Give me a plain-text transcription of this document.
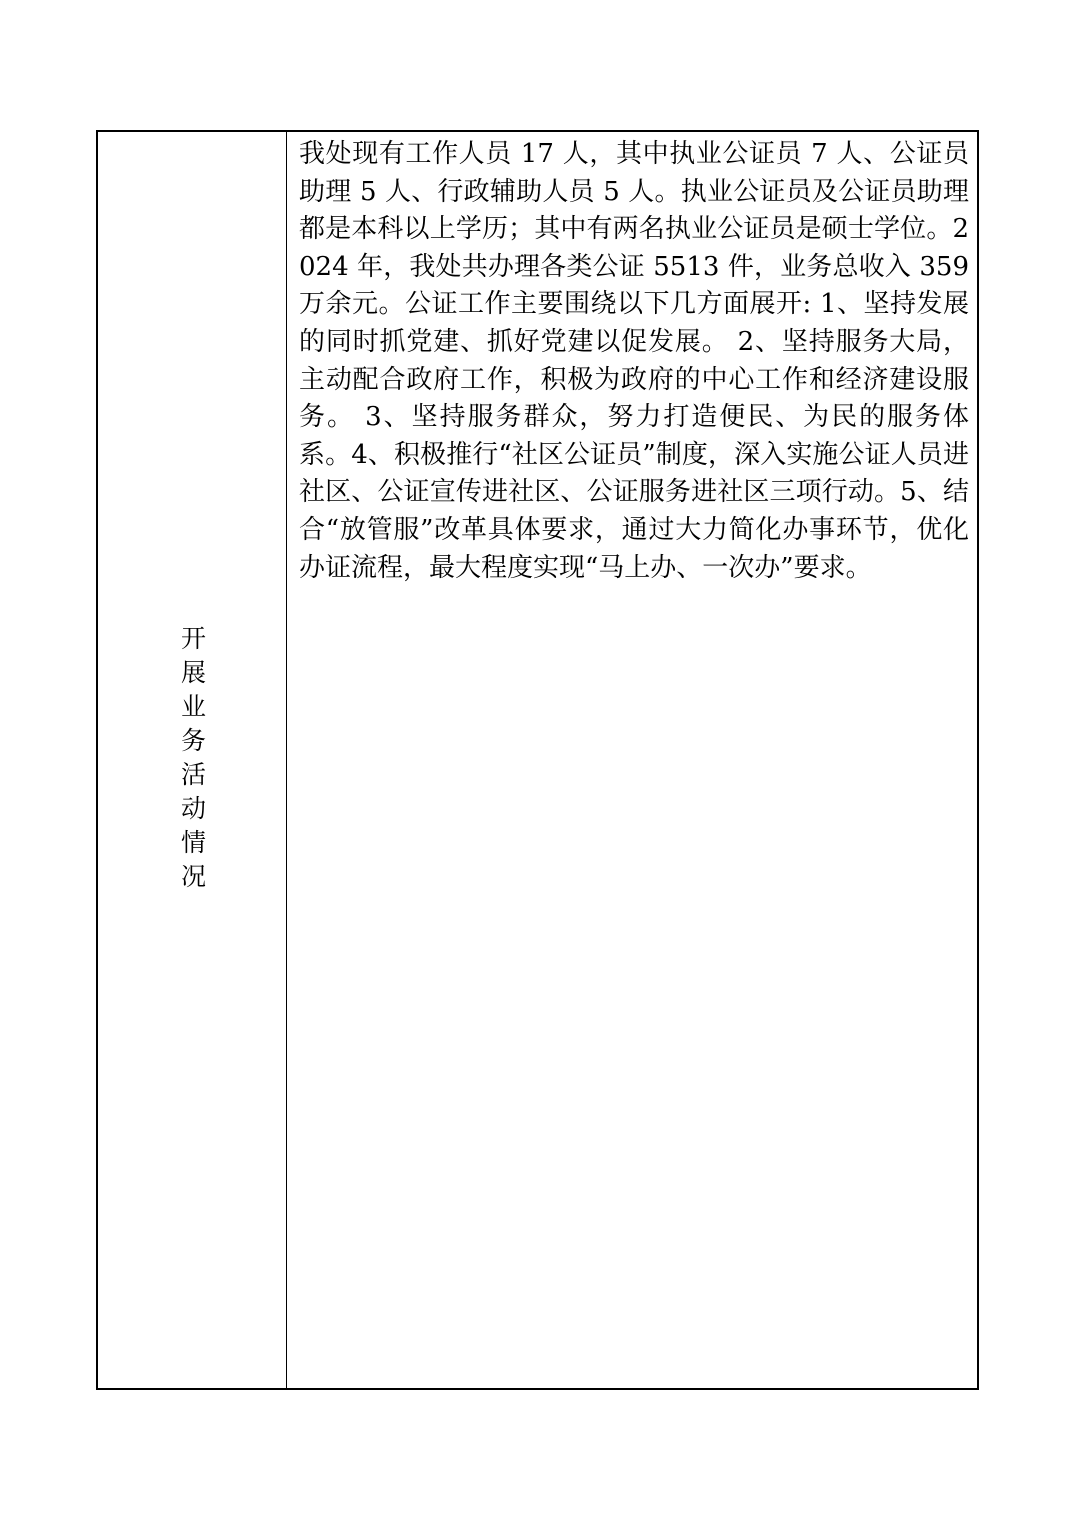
开展业务活动情况

我处现有工作人员 17 人，其中执业公证员 7 人、公证员助理 5 人、行政辅助人员 5 人。执业公证员及公证员助理都是本科以上学历；其中有两名执业公证员是硕士学位。2024 年，我处共办理各类公证 5513 件，业务总收入 359 万余元。公证工作主要围绕以下几方面展开: 1、坚持发展的同时抓党建、抓好党建以促发展。 2、坚持服务大局，主动配合政府工作，积极为政府的中心工作和经济建设服务。 3、坚持服务群众，努力打造便民、为民的服务体系。4、积极推行“社区公证员”制度，深入实施公证人员进社区、公证宣传进社区、公证服务进社区三项行动。5、结合“放管服”改革具体要求，通过大力简化办事环节，优化办证流程，最大程度实现“马上办、一次办”要求。
